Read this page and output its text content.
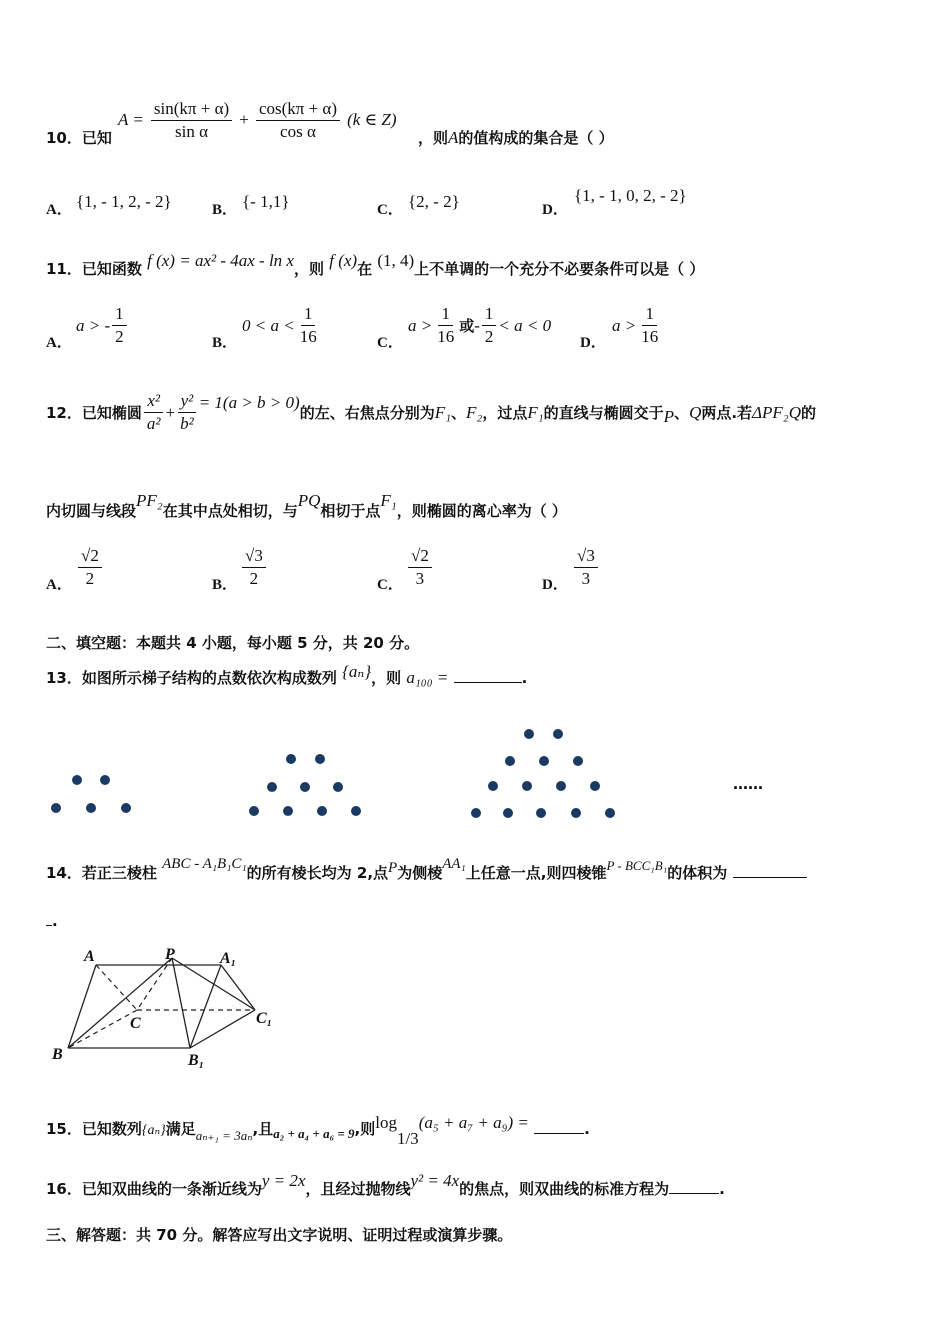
10．已知
$A = \frac{\sin(k\pi + \alpha)}{\text{sin α}} + \frac{\cos(k\pi + \alpha)}{\text{cos α}} (k$ ∈ Z)
，则A的值构成的集合是（ ）
A． {1, - 1, 2, - 2}	B． {- 1,1}	C． {2, - 2}	D．
{1, - 1, 0, 2, - 2}
11．已知函数 f (x) = ax² - 4ax - ln x，则 f (x)在 (1, 4)上不单调的一个充分不必要条件可以是（ ）
A．
a > - $\frac{1}{2}$	B．
$0 < a < \frac{1}{16}$	C．
$a > \frac{1}{16}$ 或 - $\frac{1}{2} < a < 0$
D．
$a > \frac{1}{16}$
12． 已知椭圆 $\frac{\text{x²}}{\text{a²}} + \frac{\text{y²}}{\text{b²}} = 1(a > b > 0)$
的左、右焦点分别为 F₁ 、 F₂ ，过点 F₁ 的直线与椭圆交于 P 、 Q 两点.若 ΔPF₂Q 的
内切圆与线段PF₂在其中点处相切，与PQ相切于点F₁，则椭圆的离心率为（ ）
A． $\frac{√2}{2}$	B． $\frac{√3}{2}$	C． $\frac{√2}{3}$	D． $\frac{√3}{3}$
二、填空题：本题共 4 小题，每小题 5 分，共 20 分。
13．如图所示梯子结构的点数依次构成数列 {aₙ}，则 a₁₀₀ =	.
……
14．若正三棱柱 ABC - A₁B₁C₁的所有棱长均为 2,点P为侧棱AA₁上任意一点,则四棱锥P - BCC₁B₁的体积为
.
A	P	A₁
C	C₁
B	B₁
15．已知数列{aₙ}满足aₙ₊₁ = 3aₙ,且a₂ + a₄ + a₆ = 9,则$\log_{1/3}(a_5 + a_7 + a_9)$ =	.
16．已知双曲线的一条渐近线为y = 2x，且经过抛物线y² = 4x的焦点，则双曲线的标准方程为	.
三、解答题：共 70 分。解答应写出文字说明、证明过程或演算步骤。
